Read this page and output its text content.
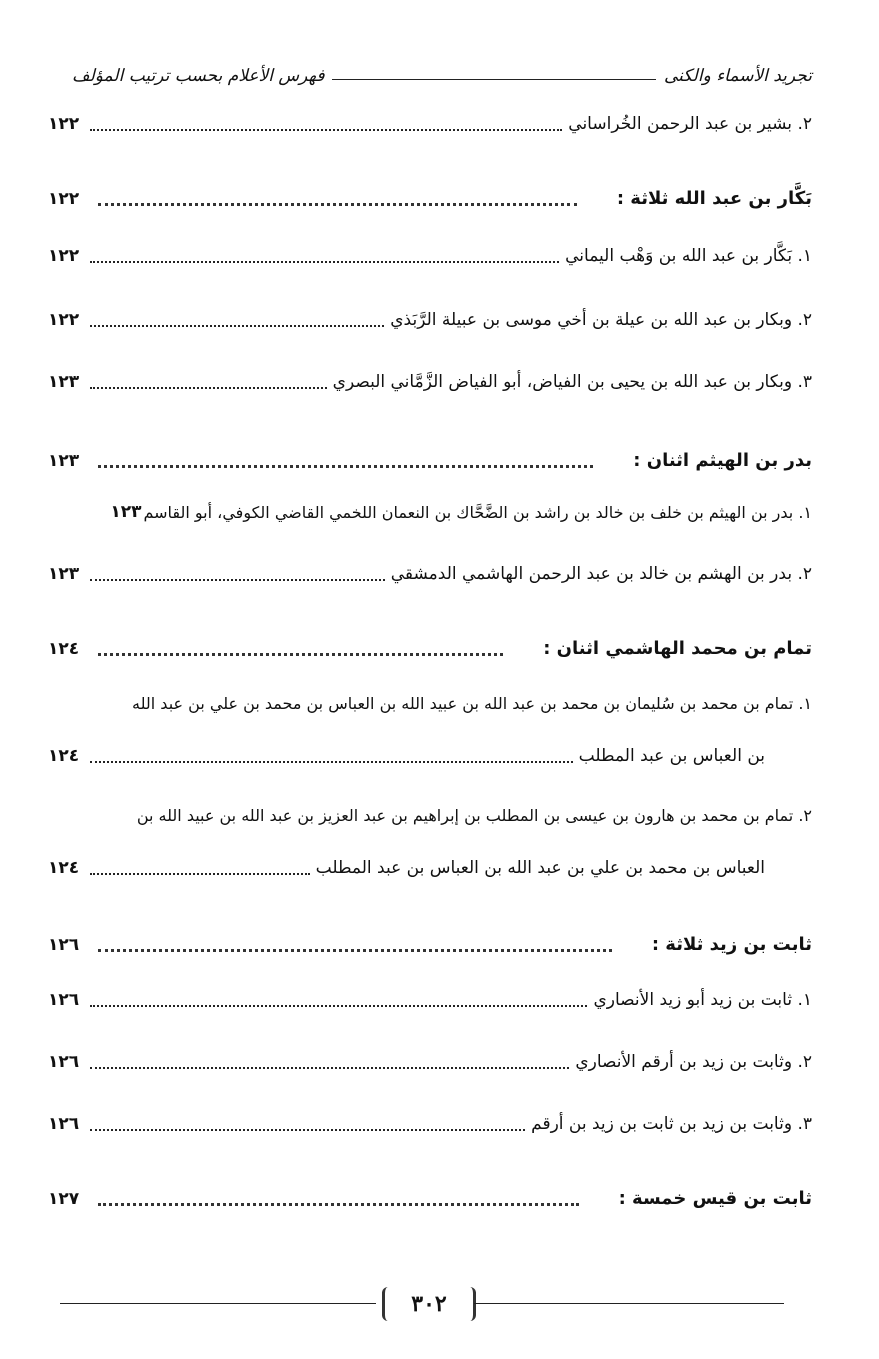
تجريد الأسماء والكنى
فهرس الأعلام بحسب ترتيب المؤلف
٢. بشير بن عبد الرحمن الخُراساني
١٢٢
بَكَّار بن عبد الله ثلاثة :
١٢٢
١. بَكَّار بن عبد الله بن وَهْب اليماني
١٢٢
٢. وبكار بن عبد الله بن عيلة بن أخي موسى بن عبيلة الرَّبَذي
١٢٢
٣. وبكار بن عبد الله بن يحيى بن الفياض، أبو الفياض الزَّمَّاني البصري
١٢٣
بدر بن الهيثم اثنان :
١٢٣
١. بدر بن الهيثم بن خلف بن خالد بن راشد بن الضَّحَّاك بن النعمان اللخمي القاضي الكوفي، أبو القاسم
١٢٣
٢. بدر بن الهشم بن خالد بن عبد الرحمن الهاشمي الدمشقي
١٢٣
تمام بن محمد الهاشمي اثنان :
١٢٤
١. تمام بن محمد بن سُليمان بن محمد بن عبد الله بن عبيد الله بن العباس بن محمد بن علي بن عبد الله
بن العباس بن عبد المطلب
١٢٤
٢. تمام بن محمد بن هارون بن عيسى بن المطلب بن إبراهيم بن عبد العزيز بن عبد الله بن عبيد الله بن
العباس بن محمد بن علي بن عبد الله بن العباس بن عبد المطلب
١٢٤
ثابت بن زيد ثلاثة :
١٢٦
١. ثابت بن زيد أبو زيد الأنصاري
١٢٦
٢. وثابت بن زيد بن أرقم الأنصاري
١٢٦
٣. وثابت بن زيد بن ثابت بن زيد بن أرقم
١٢٦
ثابت بن قيس خمسة :
١٢٧
٣٠٢
